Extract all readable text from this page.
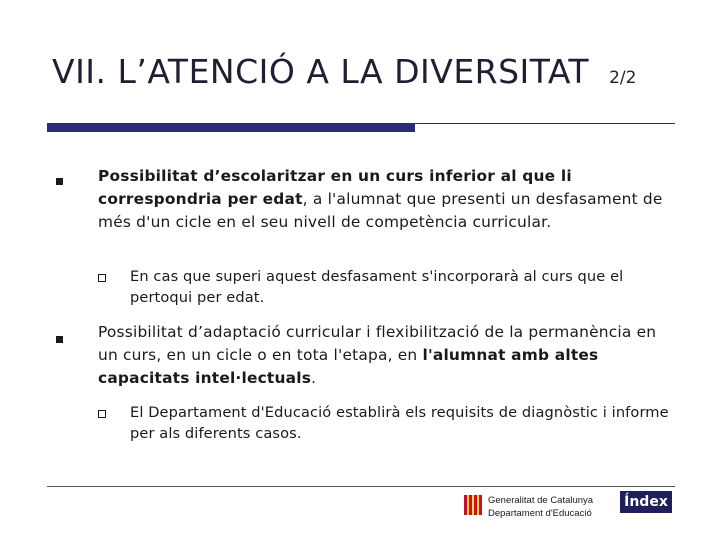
VII. L’ATENCIÓ A LA DIVERSITAT 2/2
Possibilitat d’escolaritzar en un curs inferior al que li correspondria per edat, a l'alumnat que presenti un desfasament de més d'un cicle en el seu nivell de competència curricular.
En cas que superi aquest desfasament s'incorporarà al curs que el pertoqui per edat.
Possibilitat d’adaptació curricular i flexibilització de la permanència en un curs, en un cicle o en tota l'etapa, en l'alumnat amb altes capacitats intel·lectuals.
El Departament d'Educació establirà els requisits de diagnòstic i informe per als diferents casos.
Generalitat de Catalunya
Departament d'Educació
Índex
